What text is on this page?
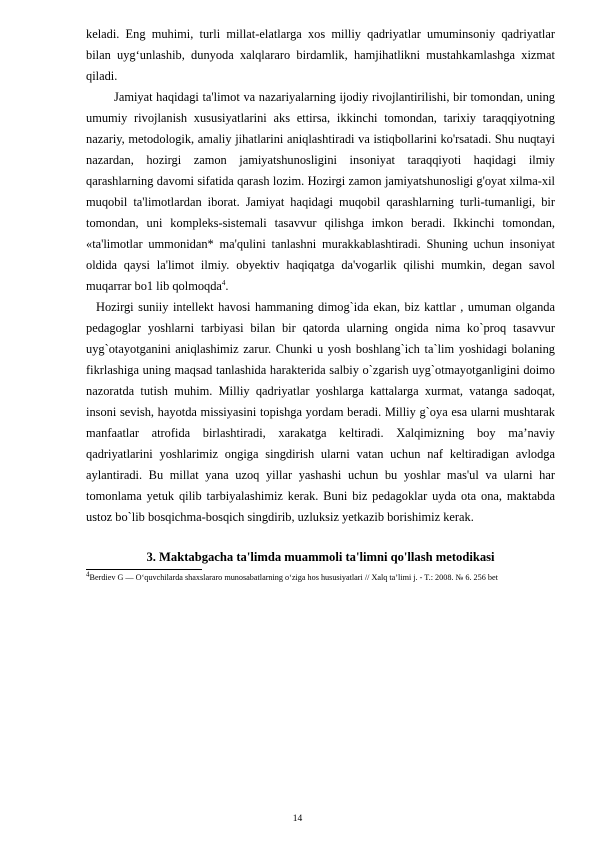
keladi. Eng muhimi, turli millat-elatlarga xos milliy qadriyatlar umuminsoniy qadriyatlar bilan uyg‘unlashib, dunyoda xalqlararo birdamlik, hamjihatlikni mustahkamlashga xizmat qiladi.

Jamiyat haqidagi ta'limot va nazariyalarning ijodiy rivojlantirilishi, bir tomondan, uning umumiy rivojlanish xususiyatlarini aks ettirsa, ikkinchi tomondan, tarixiy taraqqiyotning nazariy, metodologik, amaliy jihatlarini aniqlashtiradi va istiqbollarini ko'rsatadi. Shu nuqtayi nazardan, hozirgi zamon jamiyatshunosligini insoniyat taraqqiyoti haqidagi ilmiy qarashlarning davomi sifatida qarash lozim. Hozirgi zamon jamiyatshunosligi g'oyat xilma-xil muqobil ta'limotlardan iborat. Jamiyat haqidagi muqobil qarashlarning turli-tumanligi, bir tomondan, uni kompleks-sistemali tasavvur qilishga imkon beradi. Ikkinchi tomondan, «ta'limotlar ummonidan* ma'qulini tanlashni murakkablashtiradi. Shuning uchun insoniyat oldida qaysi la'limot ilmiy. obyektiv haqiqatga da'vogarlik qilishi mumkin, degan savol muqarrar bo1 lib qolmoqda$^4$.

Hozirgi suniiy intellekt havosi hammaning dimog`ida ekan, biz kattlar , umuman olganda pedagoglar yoshlarni tarbiyasi bilan bir qatorda ularning ongida nima ko`proq tasavvur uyg`otayotganini aniqlashimiz zarur. Chunki u yosh boshlang`ich ta`lim yoshidagi bolaning fikrlashiga uning maqsad tanlashida harakterida salbiy o`zgarish uyg`otmayotganligini doimo nazoratda tutish muhim. Milliy qadriyatlar yoshlarga kattalarga xurmat, vatanga sadoqat, insoni sevish, hayotda missiyasini topishga yordam beradi. Milliy g`oya esa ularni mushtarak manfaatlar atrofida birlashtiradi, xarakatga keltiradi. Xalqimizning boy ma’naviy qadriyatlarini yoshlarimiz ongiga singdirish ularni vatan uchun naf keltiradigan avlodga aylantiradi. Bu millat yana uzoq yillar yashashi uchun bu yoshlar mas'ul va ularni har tomonlama yetuk qilib tarbiyalashimiz kerak. Buni biz pedagoklar uyda ota ona, maktabda ustoz bo`lib bosqichma-bosqich singdirib, uzluksiz yetkazib borishimiz kerak.

3. Maktabgacha ta'limda muammoli ta'limni qo'llash metodikasi

$^4$Berdiev G — O‘quvchilarda shaxslararo munosabatlarning o‘ziga hos hususiyatlari // Xalq ta’limi j. - T.: 2008. № 6. 256 bet

14
